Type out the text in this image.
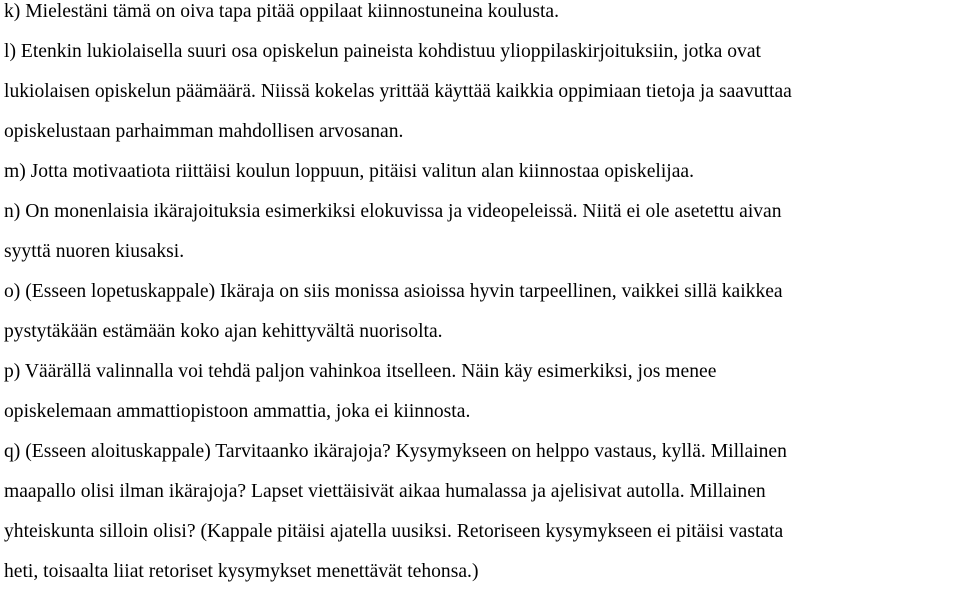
k) Mielestäni tämä on oiva tapa pitää oppilaat kiinnostuneina koulusta.
l) Etenkin lukiolaisella suuri osa opiskelun paineista kohdistuu ylioppilaskirjoituksiin, jotka ovat
lukiolaisen opiskelun päämäärä. Niissä kokelas yrittää käyttää kaikkia oppimiaan tietoja ja saavuttaa
opiskelustaan parhaimman mahdollisen arvosanan.
m) Jotta motivaatiota riittäisi koulun loppuun, pitäisi valitun alan kiinnostaa opiskelijaa.
n) On monenlaisia ikärajoituksia esimerkiksi elokuvissa ja videopeleissä. Niitä ei ole asetettu aivan
syyttä nuoren kiusaksi.
o) (Esseen lopetuskappale) Ikäraja on siis monissa asioissa hyvin tarpeellinen, vaikkei sillä kaikkea
pystytäkään estämään koko ajan kehittyvältä nuorisolta.
p) Väärällä valinnalla voi tehdä paljon vahinkoa itselleen. Näin käy esimerkiksi, jos menee
opiskelemaan ammattiopistoon ammattia, joka ei kiinnosta.
q) (Esseen aloituskappale) Tarvitaanko ikärajoja? Kysymykseen on helppo vastaus, kyllä. Millainen
maapallo olisi ilman ikärajoja? Lapset viettäisivät aikaa humalassa ja ajelisivat autolla. Millainen
yhteiskunta silloin olisi? (Kappale pitäisi ajatella uusiksi. Retoriseen kysymykseen ei pitäisi vastata
heti, toisaalta liiat retoriset kysymykset menettävät tehonsa.)
